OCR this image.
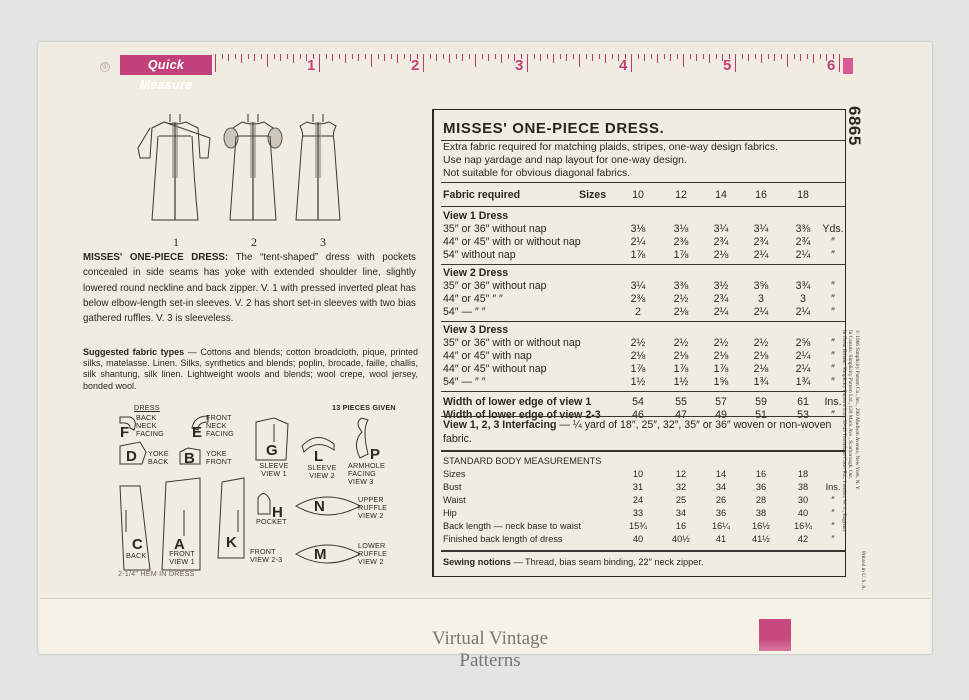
®	Quick Measure
1	2	3	4	5	6
1	2	3
MISSES' ONE-PIECE DRESS: The “tent-shaped” dress with pockets concealed in side seams has yoke with extended shoulder line, slightly lowered round neckline and back zipper. V. 1 with pressed inverted pleat has below elbow-length set-in sleeves. V. 2 has short set-in sleeves with two bias gathered ruffles. V. 3 is sleeveless.
Suggested fabric types — Cottons and blends; cotton broadcloth, pique, printed silks, matelasse. Linen. Silks, synthetics and blends; poplin, brocade, faille, challis, silk shantung, silk linen. Lightweight wools and blends; wool crepe, wool jersey, bonded wool.
DRESS	13 PIECES GIVEN
F
BACK NECK FACING	E
FRONT NECK FACING
D YOKE BACK	B YOKE FRONT
G
SLEEVE VIEW 1
L
SLEEVE VIEW 2
P
ARMHOLE FACING VIEW 3
C
BACK
A
FRONT VIEW 1
K
FRONT VIEW 2-3
H
POCKET
N	UPPER RUFFLE VIEW 2
M
LOWER RUFFLE VIEW 2
2-1/4" HEM IN DRESS
MISSES' ONE-PIECE DRESS.
Extra fabric required for matching plaids, stripes, one-way design fabrics.
Use nap yardage and nap layout for one-way design.
Not suitable for obvious diagonal fabrics.
Fabric required	Sizes	10	12	14	16	18
View 1 Dress
35″ or 36″ without nap	3⅛	3⅛	3¼	3¼	3⅜	Yds.
44″ or 45″ with or without nap	2¼	2⅜	2¾	2¾	2¾	″
54″ without nap	1⅞	1⅞	2⅛	2¼	2¼	″
View 2 Dress
35″ or 36″ without nap	3¼	3⅜	3½	3⅝	3¾	″
44″ or 45″ ″ ″	2⅜	2½	2¾	3	3	″
54″ — ″ ″	2	2⅛	2¼	2¼	2¼	″
View 3 Dress
35″ or 36″ with or without nap	2½	2½	2½	2½	2⅝	″
44″ or 45″ with nap	2⅛	2⅛	2⅛	2⅛	2¼	″
44″ or 45″ without nap	1⅞	1⅞	1⅞	2⅛	2¼	″
54″ — ″ ″	1½	1½	1⅝	1¾	1¾	″
Width of lower edge of view 1	54	55	57	59	61	Ins.
Width of lower edge of view 2-3	46	47	49	51	53	″
View 1, 2, 3 Interfacing — ¼ yard of 18″, 25″, 32″, 35″ or 36″ woven or non-woven fabric.
STANDARD BODY MEASUREMENTS
Sizes	10	12	14	16	18
Bust	31	32	34	36	38	Ins.
Waist	24	25	26	28	30	″
Hip	33	34	36	38	40	″
Back length — neck base to waist	15¾	16	16¼	16½	16¾	″
Finished back length of dress	40	40½	41	41½	42	″
Sewing notions — Thread, bias seam binding, 22″ neck zipper.
6865
Printed in U. S. A.
© 1966 Simplicity Pattern Co., Inc., 200 Madison Avenue, New York, N. Y.
In Canada: Simplicity Pattern Ltd., 120 Mack Ave., Scarborough, Ont.
In Great Britain: Simplicity Patterns Ltd., 39-43 Tottenham Court Rd., London, W. 1., England.
Virtual Vintage
Patterns
